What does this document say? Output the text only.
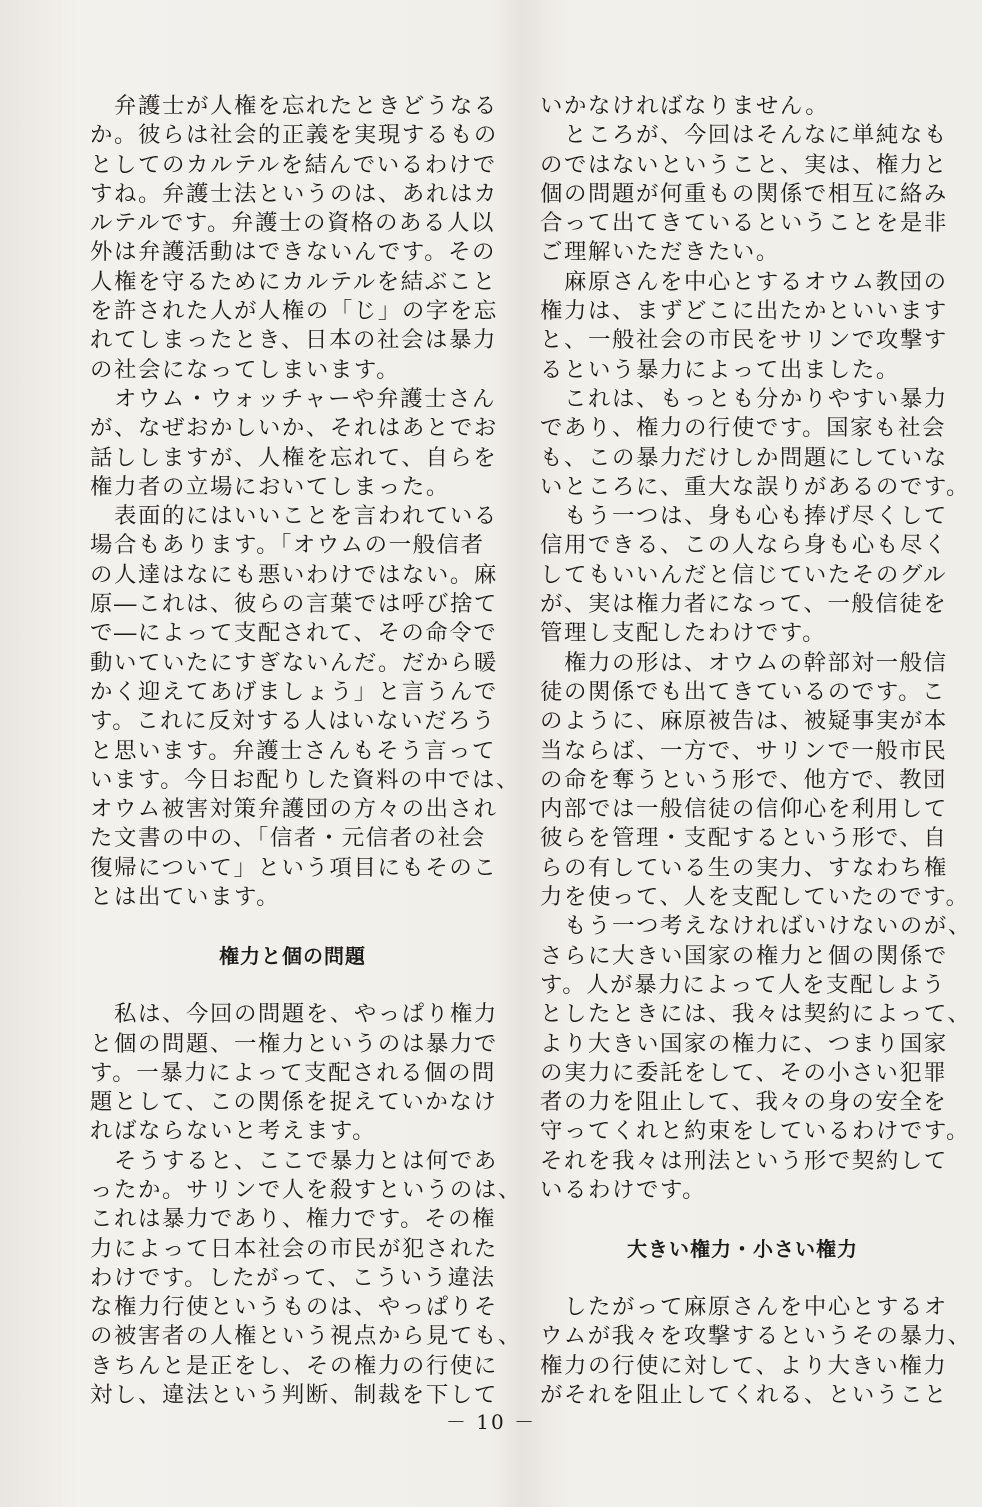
　弁護士が人権を忘れたときどうなる
か。彼らは社会的正義を実現するもの
としてのカルテルを結んでいるわけで
すね。弁護士法というのは、あれはカ
ルテルです。弁護士の資格のある人以
外は弁護活動はできないんです。その
人権を守るためにカルテルを結ぶこと
を許された人が人権の「じ」の字を忘
れてしまったとき、日本の社会は暴力
の社会になってしまいます。
　オウム・ウォッチャーや弁護士さん
が、なぜおかしいか、それはあとでお
話ししますが、人権を忘れて、自らを
権力者の立場においてしまった。
　表面的にはいいことを言われている
場合もあります。「オウムの一般信者
の人達はなにも悪いわけではない。麻
原―これは、彼らの言葉では呼び捨て
で―によって支配されて、その命令で
動いていたにすぎないんだ。だから暖
かく迎えてあげましょう」と言うんで
す。これに反対する人はいないだろう
と思います。弁護士さんもそう言って
います。今日お配りした資料の中では、
オウム被害対策弁護団の方々の出され
た文書の中の、「信者・元信者の社会
復帰について」という項目にもそのこ
とは出ています。
権力と個の問題
　私は、今回の問題を、やっぱり権力
と個の問題、一権力というのは暴力で
す。一暴力によって支配される個の問
題として、この関係を捉えていかなけ
ればならないと考えます。
　そうすると、ここで暴力とは何であ
ったか。サリンで人を殺すというのは、
これは暴力であり、権力です。その権
力によって日本社会の市民が犯された
わけです。したがって、こういう違法
な権力行使というものは、やっぱりそ
の被害者の人権という視点から見ても、
きちんと是正をし、その権力の行使に
対し、違法という判断、制裁を下して
いかなければなりません。
　ところが、今回はそんなに単純なも
のではないということ、実は、権力と
個の問題が何重もの関係で相互に絡み
合って出てきているということを是非
ご理解いただきたい。
　麻原さんを中心とするオウム教団の
権力は、まずどこに出たかといいます
と、一般社会の市民をサリンで攻撃す
るという暴力によって出ました。
　これは、もっとも分かりやすい暴力
であり、権力の行使です。国家も社会
も、この暴力だけしか問題にしていな
いところに、重大な誤りがあるのです。
　もう一つは、身も心も捧げ尽くして
信用できる、この人なら身も心も尽く
してもいいんだと信じていたそのグル
が、実は権力者になって、一般信徒を
管理し支配したわけです。
　権力の形は、オウムの幹部対一般信
徒の関係でも出てきているのです。こ
のように、麻原被告は、被疑事実が本
当ならば、一方で、サリンで一般市民
の命を奪うという形で、他方で、教団
内部では一般信徒の信仰心を利用して
彼らを管理・支配するという形で、自
らの有している生の実力、すなわち権
力を使って、人を支配していたのです。
　もう一つ考えなければいけないのが、
さらに大きい国家の権力と個の関係で
す。人が暴力によって人を支配しよう
としたときには、我々は契約によって、
より大きい国家の権力に、つまり国家
の実力に委託をして、その小さい犯罪
者の力を阻止して、我々の身の安全を
守ってくれと約束をしているわけです。
それを我々は刑法という形で契約して
いるわけです。
大きい権力・小さい権力
　したがって麻原さんを中心とするオ
ウムが我々を攻撃するというその暴力、
権力の行使に対して、より大きい権力
がそれを阻止してくれる、ということ
－ 10 －
